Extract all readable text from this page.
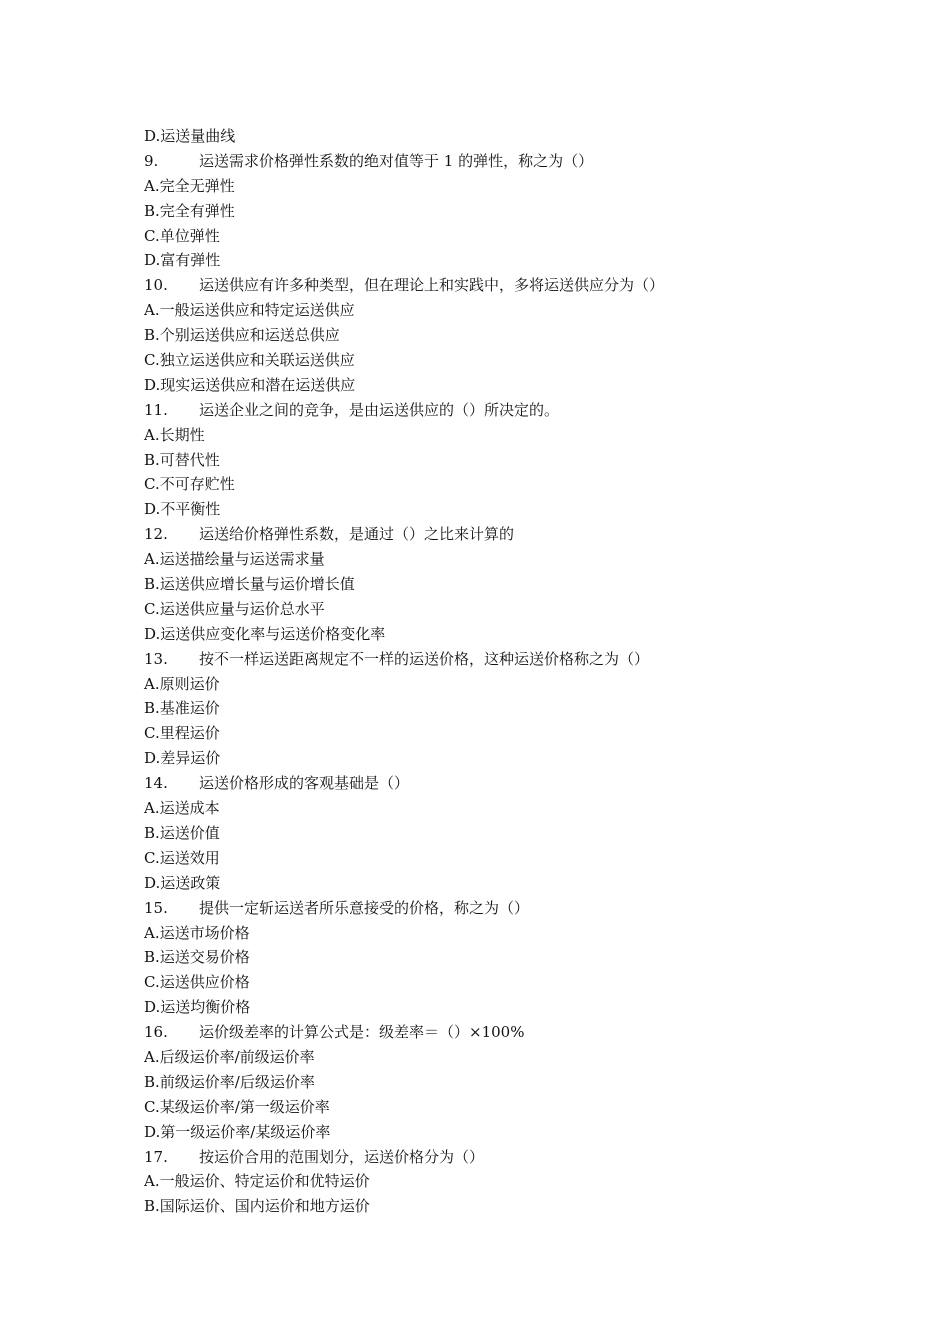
D.运送量曲线
9.	运送需求价格弹性系数的绝对值等于 1 的弹性，称之为（）
A.完全无弹性
B.完全有弹性
C.单位弹性
D.富有弹性
10. 运送供应有许多种类型，但在理论上和实践中，多将运送供应分为（）
A.一般运送供应和特定运送供应
B.个别运送供应和运送总供应
C.独立运送供应和关联运送供应
D.现实运送供应和潜在运送供应
11. 运送企业之间的竞争，是由运送供应的（）所决定的。
A.长期性
B.可替代性
C.不可存贮性
D.不平衡性
12. 运送给价格弹性系数，是通过（）之比来计算的
A.运送描绘量与运送需求量
B.运送供应增长量与运价增长值
C.运送供应量与运价总水平
D.运送供应变化率与运送价格变化率
13. 按不一样运送距离规定不一样的运送价格，这种运送价格称之为（）
A.原则运价
B.基准运价
C.里程运价
D.差异运价
14. 运送价格形成的客观基础是（）
A.运送成本
B.运送价值
C.运送效用
D.运送政策
15. 提供一定斩运送者所乐意接受的价格，称之为（）
A.运送市场价格
B.运送交易价格
C.运送供应价格
D.运送均衡价格
16. 运价级差率的计算公式是：级差率＝（）×100%
A.后级运价率/前级运价率
B.前级运价率/后级运价率
C.某级运价率/第一级运价率
D.第一级运价率/某级运价率
17. 按运价合用的范围划分，运送价格分为（）
A.一般运价、特定运价和优特运价
B.国际运价、国内运价和地方运价
